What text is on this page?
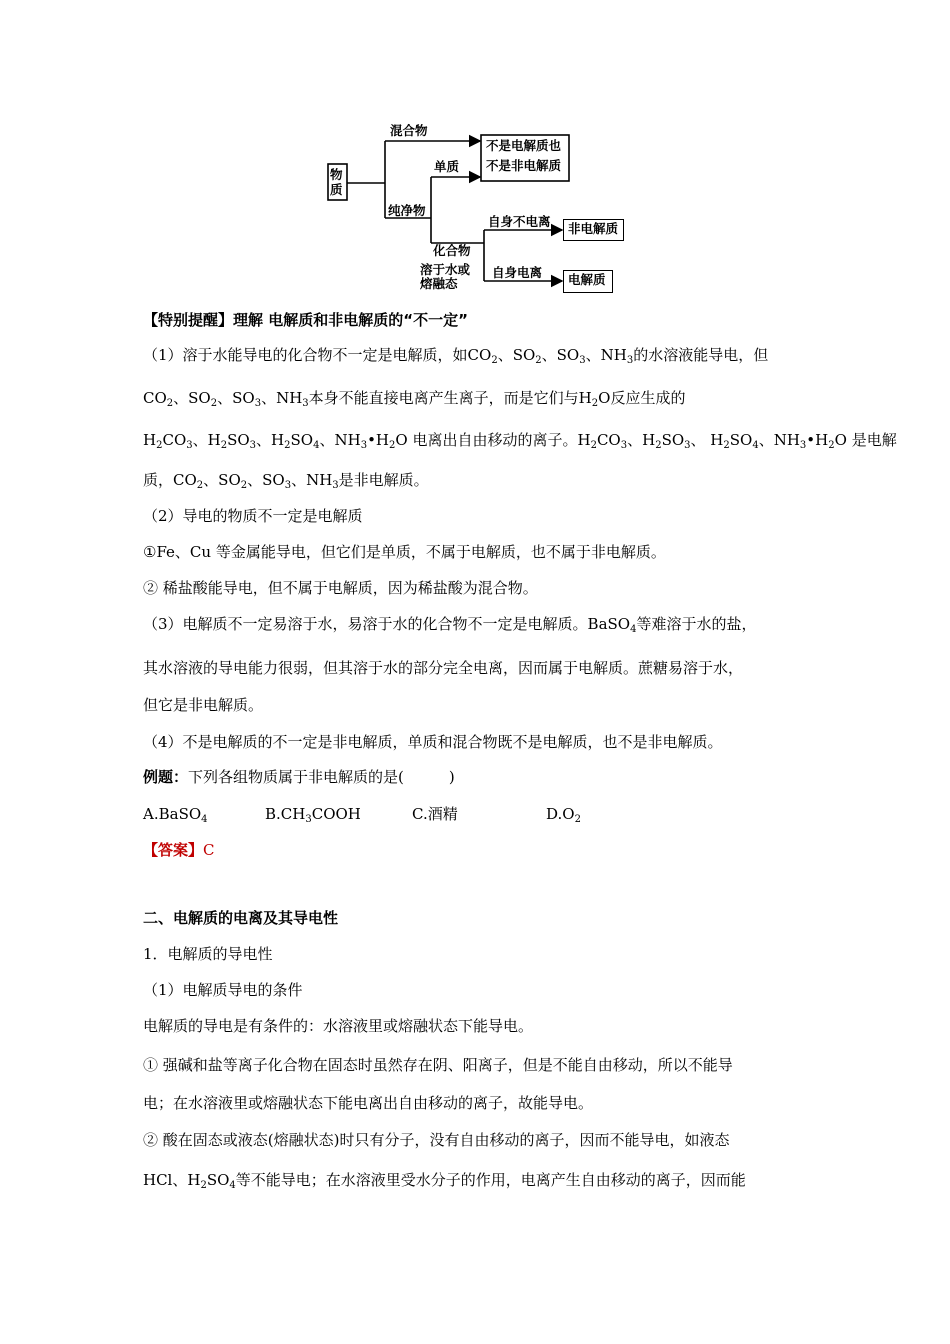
物质
混合物
单质
纯净物
化合物
溶于水或
熔融态
自身不电离
自身电离
不是电解质也
不是非电解质
非电解质
电解质
【特别提醒】理解 电解质和非电解质的“不一定”
（1）溶于水能导电的化合物不一定是电解质，如$CO_2$、$SO_2$、$SO_3$、$NH_3$的水溶液能导电，但
$CO_2$、$SO_2$、$SO_3$、$NH_3$本身不能直接电离产生离子，而是它们与$H_2O$反应生成的
$H_2CO_3$、$H_2SO_3$、$H_2SO_4$、$NH_3•H_2O$ 电离出自由移动的离子。$H_2CO_3$、$H_2SO_3$、 $H_2SO_4$、$NH_3•H_2O$ 是电解
质，$CO_2$、$SO_2$、$SO_3$、$NH_3$是非电解质。
（2）导电的物质不一定是电解质
①Fe、Cu 等金属能导电，但它们是单质，不属于电解质，也不属于非电解质。
② 稀盐酸能导电，但不属于电解质，因为稀盐酸为混合物。
（3）电解质不一定易溶于水，易溶于水的化合物不一定是电解质。BaSO$_4$等难溶于水的盐，
其水溶液的导电能力很弱，但其溶于水的部分完全电离，因而属于电解质。蔗糖易溶于水，
但它是非电解质。
（4）不是电解质的不一定是非电解质，单质和混合物既不是电解质，也不是非电解质。
例题：下列各组物质属于非电解质的是(　　　)
A.BaSO$_4$	$B.CH_3COOH$	C.酒精	$D.O_2$
【答案】C
二、电解质的电离及其导电性
1．电解质的导电性
（1）电解质导电的条件
电解质的导电是有条件的：水溶液里或熔融状态下能导电。
① 强碱和盐等离子化合物在固态时虽然存在阴、阳离子，但是不能自由移动，所以不能导
电；在水溶液里或熔融状态下能电离出自由移动的离子，故能导电。
② 酸在固态或液态(熔融状态)时只有分子，没有自由移动的离子，因而不能导电，如液态
HCl、$H_2SO_4$等不能导电；在水溶液里受水分子的作用，电离产生自由移动的离子，因而能
